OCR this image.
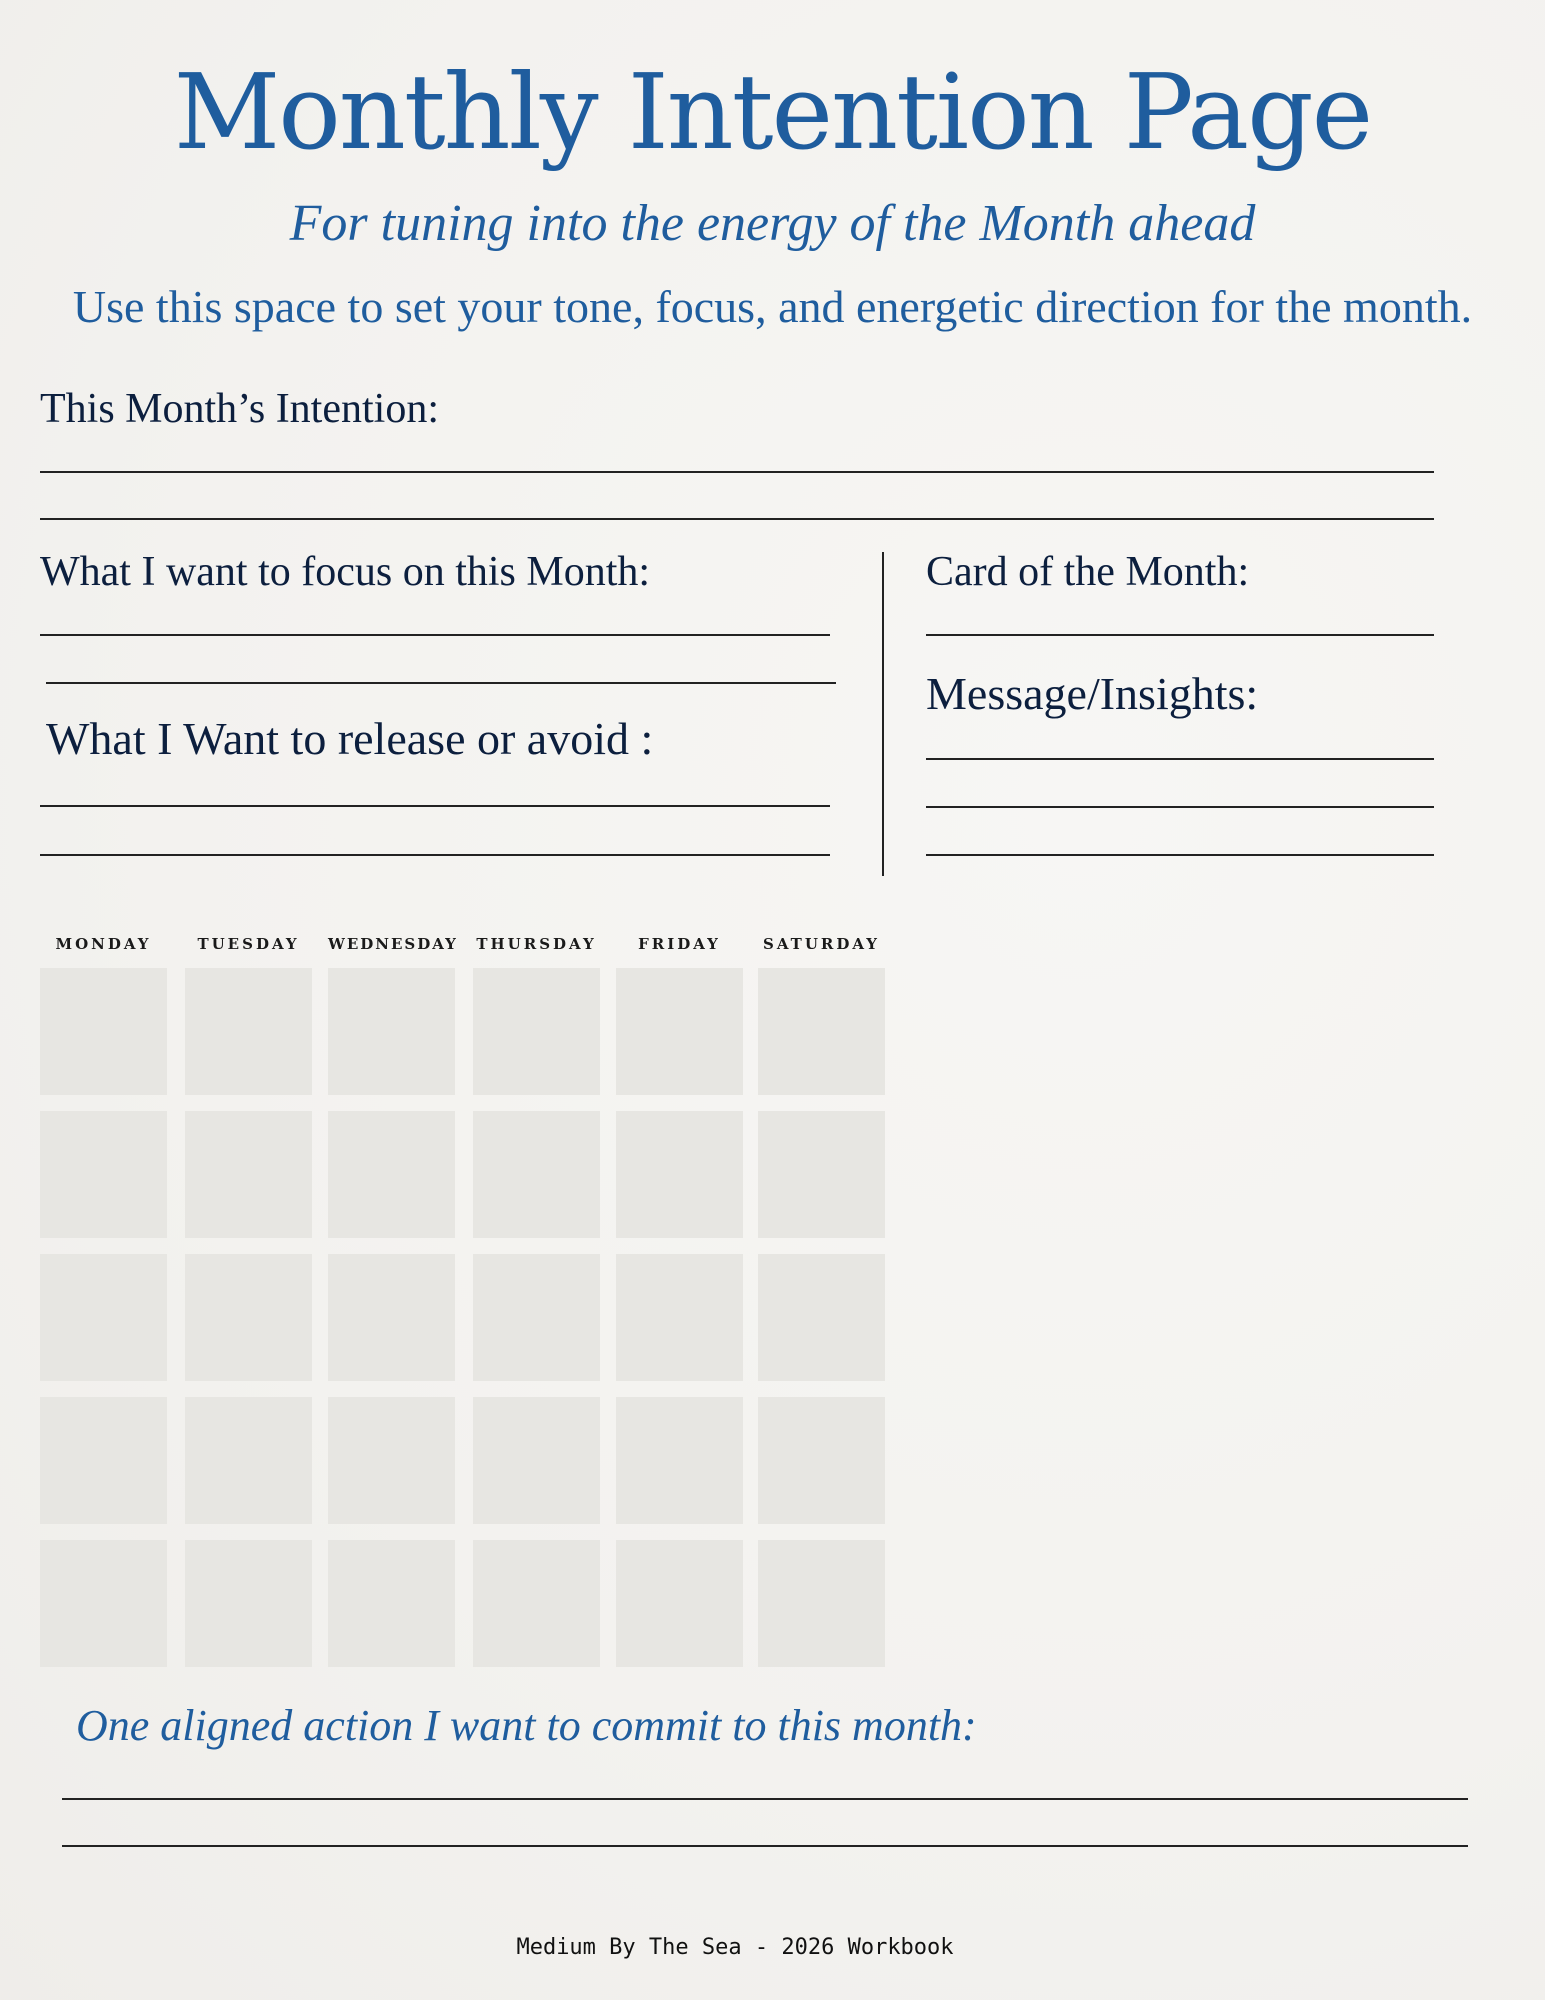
Monthly Intention Page
For tuning into the energy of the Month ahead
Use this space to set your tone, focus, and energetic direction for the month.
This Month’s Intention:
What I want to focus on this Month:
What I Want to release or avoid :
Card of the Month:
Message/Insights:
MONDAY	TUESDAY	WEDNESDAY THURSDAY	FRIDAY	SATURDAY
One aligned action I want to commit to this month:
Medium By The Sea - 2026 Workbook
